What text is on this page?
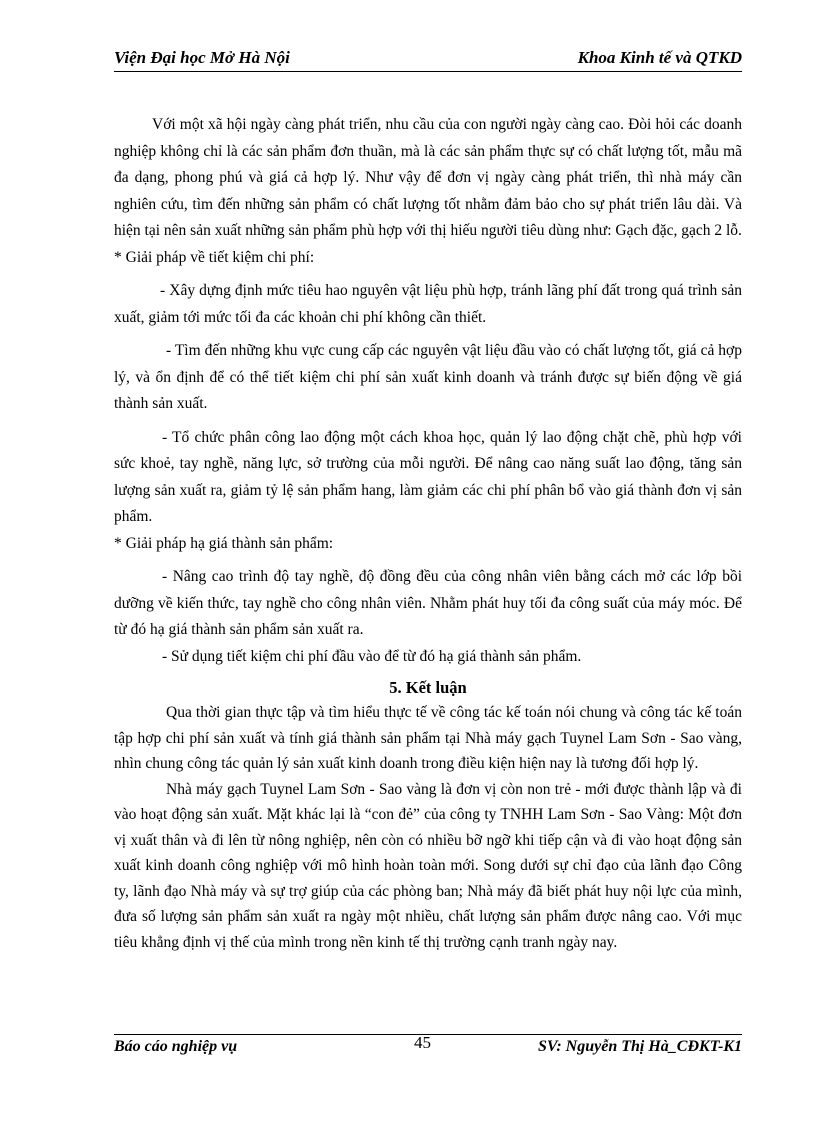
Viện Đại học Mở Hà Nội	Khoa Kinh tế và QTKD

Với một xã hội ngày càng phát triển, nhu cầu của con người ngày càng cao. Đòi hỏi các doanh nghiệp không chỉ là các sản phẩm đơn thuần, mà là các sản phẩm thực sự có chất lượng tốt, mẫu mã đa dạng, phong phú và giá cả hợp lý. Như vậy để đơn vị ngày càng phát triển, thì nhà máy cần nghiên cứu, tìm đến những sản phẩm có chất lượng tốt nhằm đảm bảo cho sự phát triển lâu dài. Và hiện tại nên sản xuất những sản phẩm phù hợp với thị hiếu người tiêu dùng như: Gạch đặc, gạch 2 lỗ.

* Giải pháp về tiết kiệm chi phí:

- Xây dựng định mức tiêu hao nguyên vật liệu phù hợp, tránh lãng phí đất trong quá trình sản xuất, giảm tới mức tối đa các khoản chi phí không cần thiết.

- Tìm đến những khu vực cung cấp các nguyên vật liệu đầu vào có chất lượng tốt, giá cả hợp lý, và ổn định để có thể tiết kiệm chi phí sản xuất kinh doanh và tránh được sự biến động về giá thành sản xuất.

- Tổ chức phân công lao động một cách khoa học, quản lý lao động chặt chẽ, phù hợp với sức khoẻ, tay nghề, năng lực, sở trường của mỗi người. Để nâng cao năng suất lao động, tăng sản lượng sản xuất ra, giảm tỷ lệ sản phẩm hang, làm giảm các chi phí phân bổ vào giá thành đơn vị sản phẩm.

* Giải pháp hạ giá thành sản phẩm:

- Nâng cao trình độ tay nghề, độ đồng đều của công nhân viên bằng cách mở các lớp bồi dưỡng về kiến thức, tay nghề cho công nhân viên. Nhằm phát huy tối đa công suất của máy móc. Để từ đó hạ giá thành sản phẩm sản xuất ra.

- Sử dụng tiết kiệm chi phí đầu vào để từ đó hạ giá thành sản phẩm.

5. Kết luận

Qua thời gian thực tập và tìm hiểu thực tế về công tác kế toán nói chung và công tác kế toán tập hợp chi phí sản xuất và tính giá thành sản phẩm tại Nhà máy gạch Tuynel Lam Sơn - Sao vàng, nhìn chung công tác quản lý sản xuất kinh doanh trong điều kiện hiện nay là tương đối hợp lý.

Nhà máy gạch Tuynel Lam Sơn - Sao vàng là đơn vị còn non trẻ - mới được thành lập và đi vào hoạt động sản xuất. Mặt khác lại là “con đẻ” của công ty TNHH Lam Sơn - Sao Vàng: Một đơn vị xuất thân và đi lên từ nông nghiệp, nên còn có nhiều bỡ ngỡ khi tiếp cận và đi vào hoạt động sản xuất kinh doanh công nghiệp với mô hình hoàn toàn mới. Song dưới sự chỉ đạo của lãnh đạo Công ty, lãnh đạo Nhà máy và sự trợ giúp của các phòng ban; Nhà máy đã biết phát huy nội lực của mình, đưa số lượng sản phẩm sản xuất ra ngày một nhiều, chất lượng sản phẩm được nâng cao. Với mục tiêu khẳng định vị thế của mình trong nền kinh tế thị trường cạnh tranh ngày nay.

Báo cáo nghiệp vụ	45	SV: Nguyễn Thị Hà_CĐKT-K1
